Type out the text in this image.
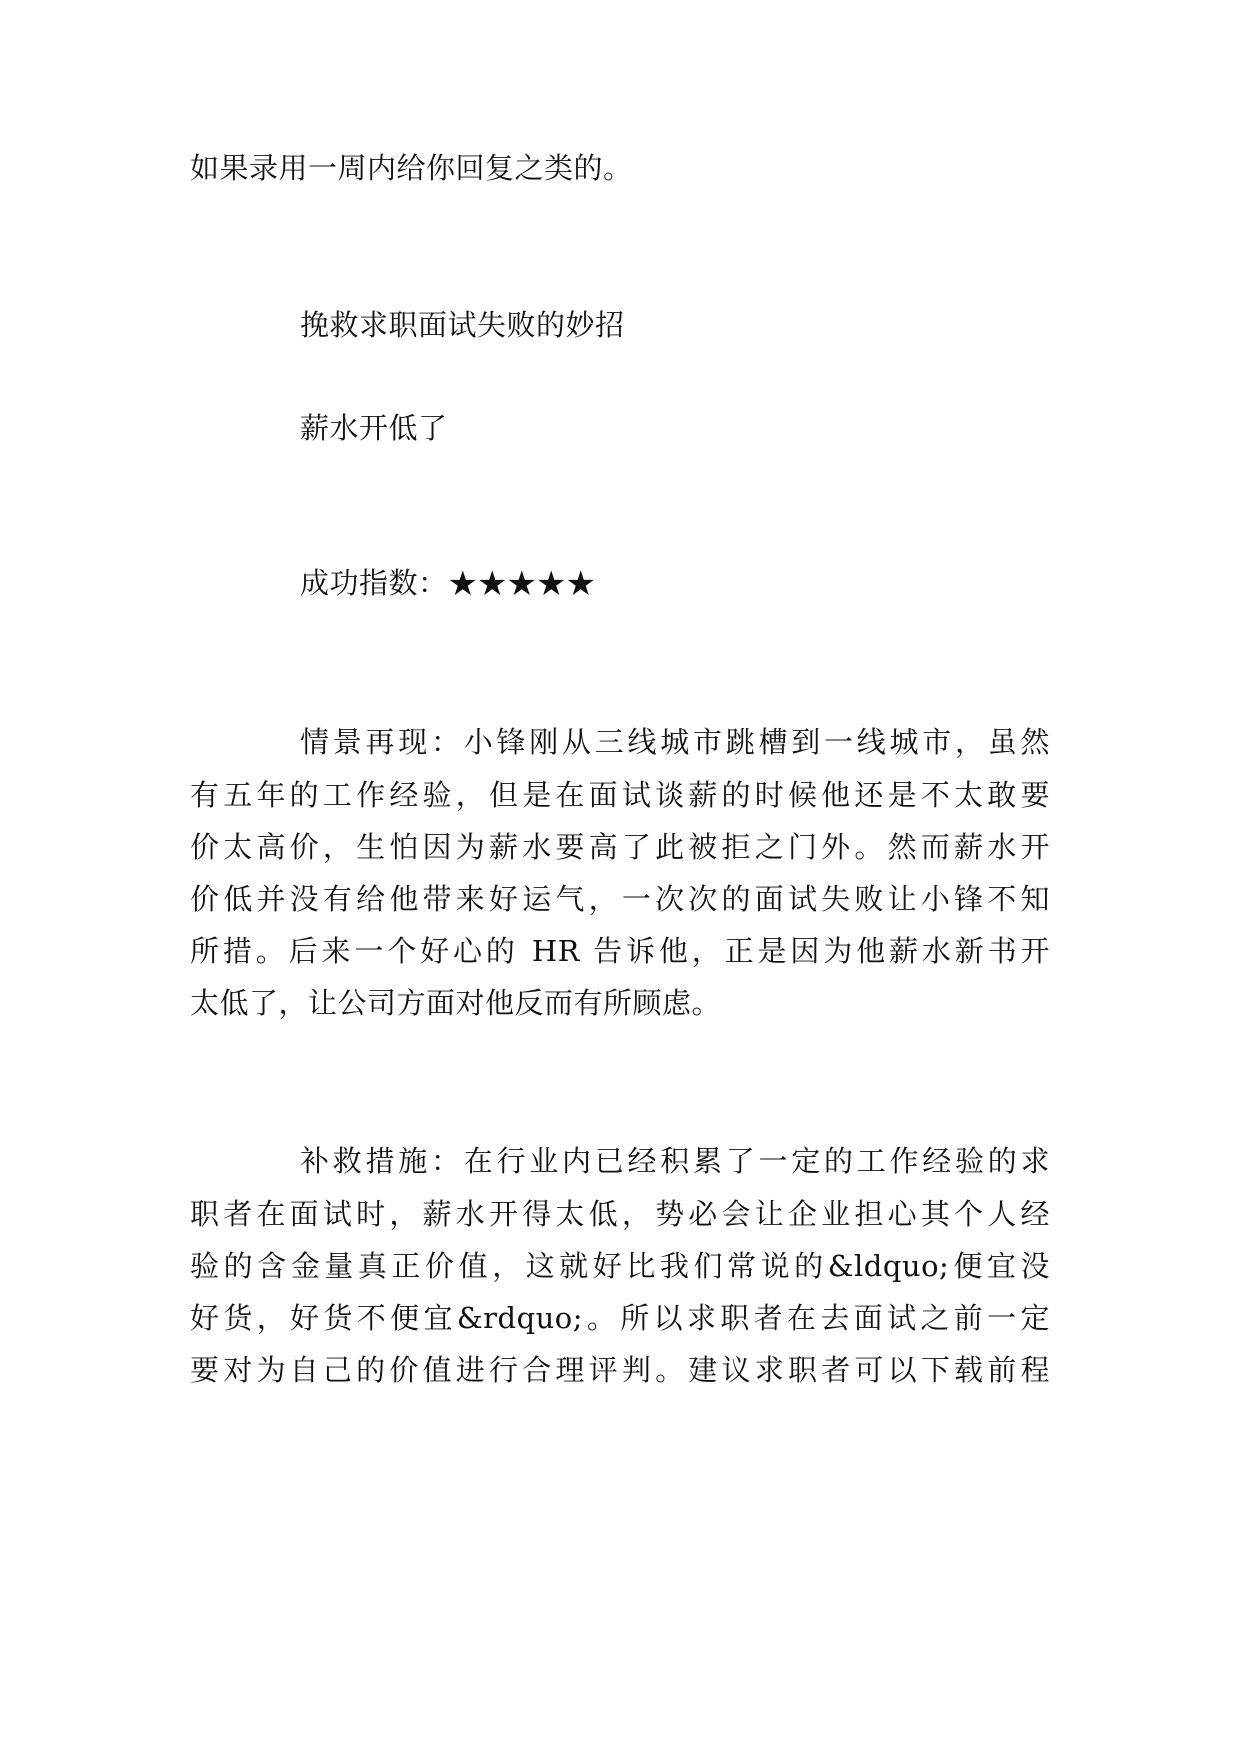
如果录用一周内给你回复之类的。
挽救求职面试失败的妙招
薪水开低了
成功指数：★★★★★
情景再现：小锋刚从三线城市跳槽到一线城市，虽然
有五年的工作经验，但是在面试谈薪的时候他还是不太敢要
价太高价，生怕因为薪水要高了此被拒之门外。然而薪水开
价低并没有给他带来好运气，一次次的面试失败让小锋不知
所措。后来一个好心的 HR 告诉他，正是因为他薪水新书开
太低了，让公司方面对他反而有所顾虑。
补救措施：在行业内已经积累了一定的工作经验的求
职者在面试时，薪水开得太低，势必会让企业担心其个人经
验的含金量真正价值，这就好比我们常说的&ldquo;便宜没
好货，好货不便宜&rdquo;。所以求职者在去面试之前一定
要对为自己的价值进行合理评判。建议求职者可以下载前程
